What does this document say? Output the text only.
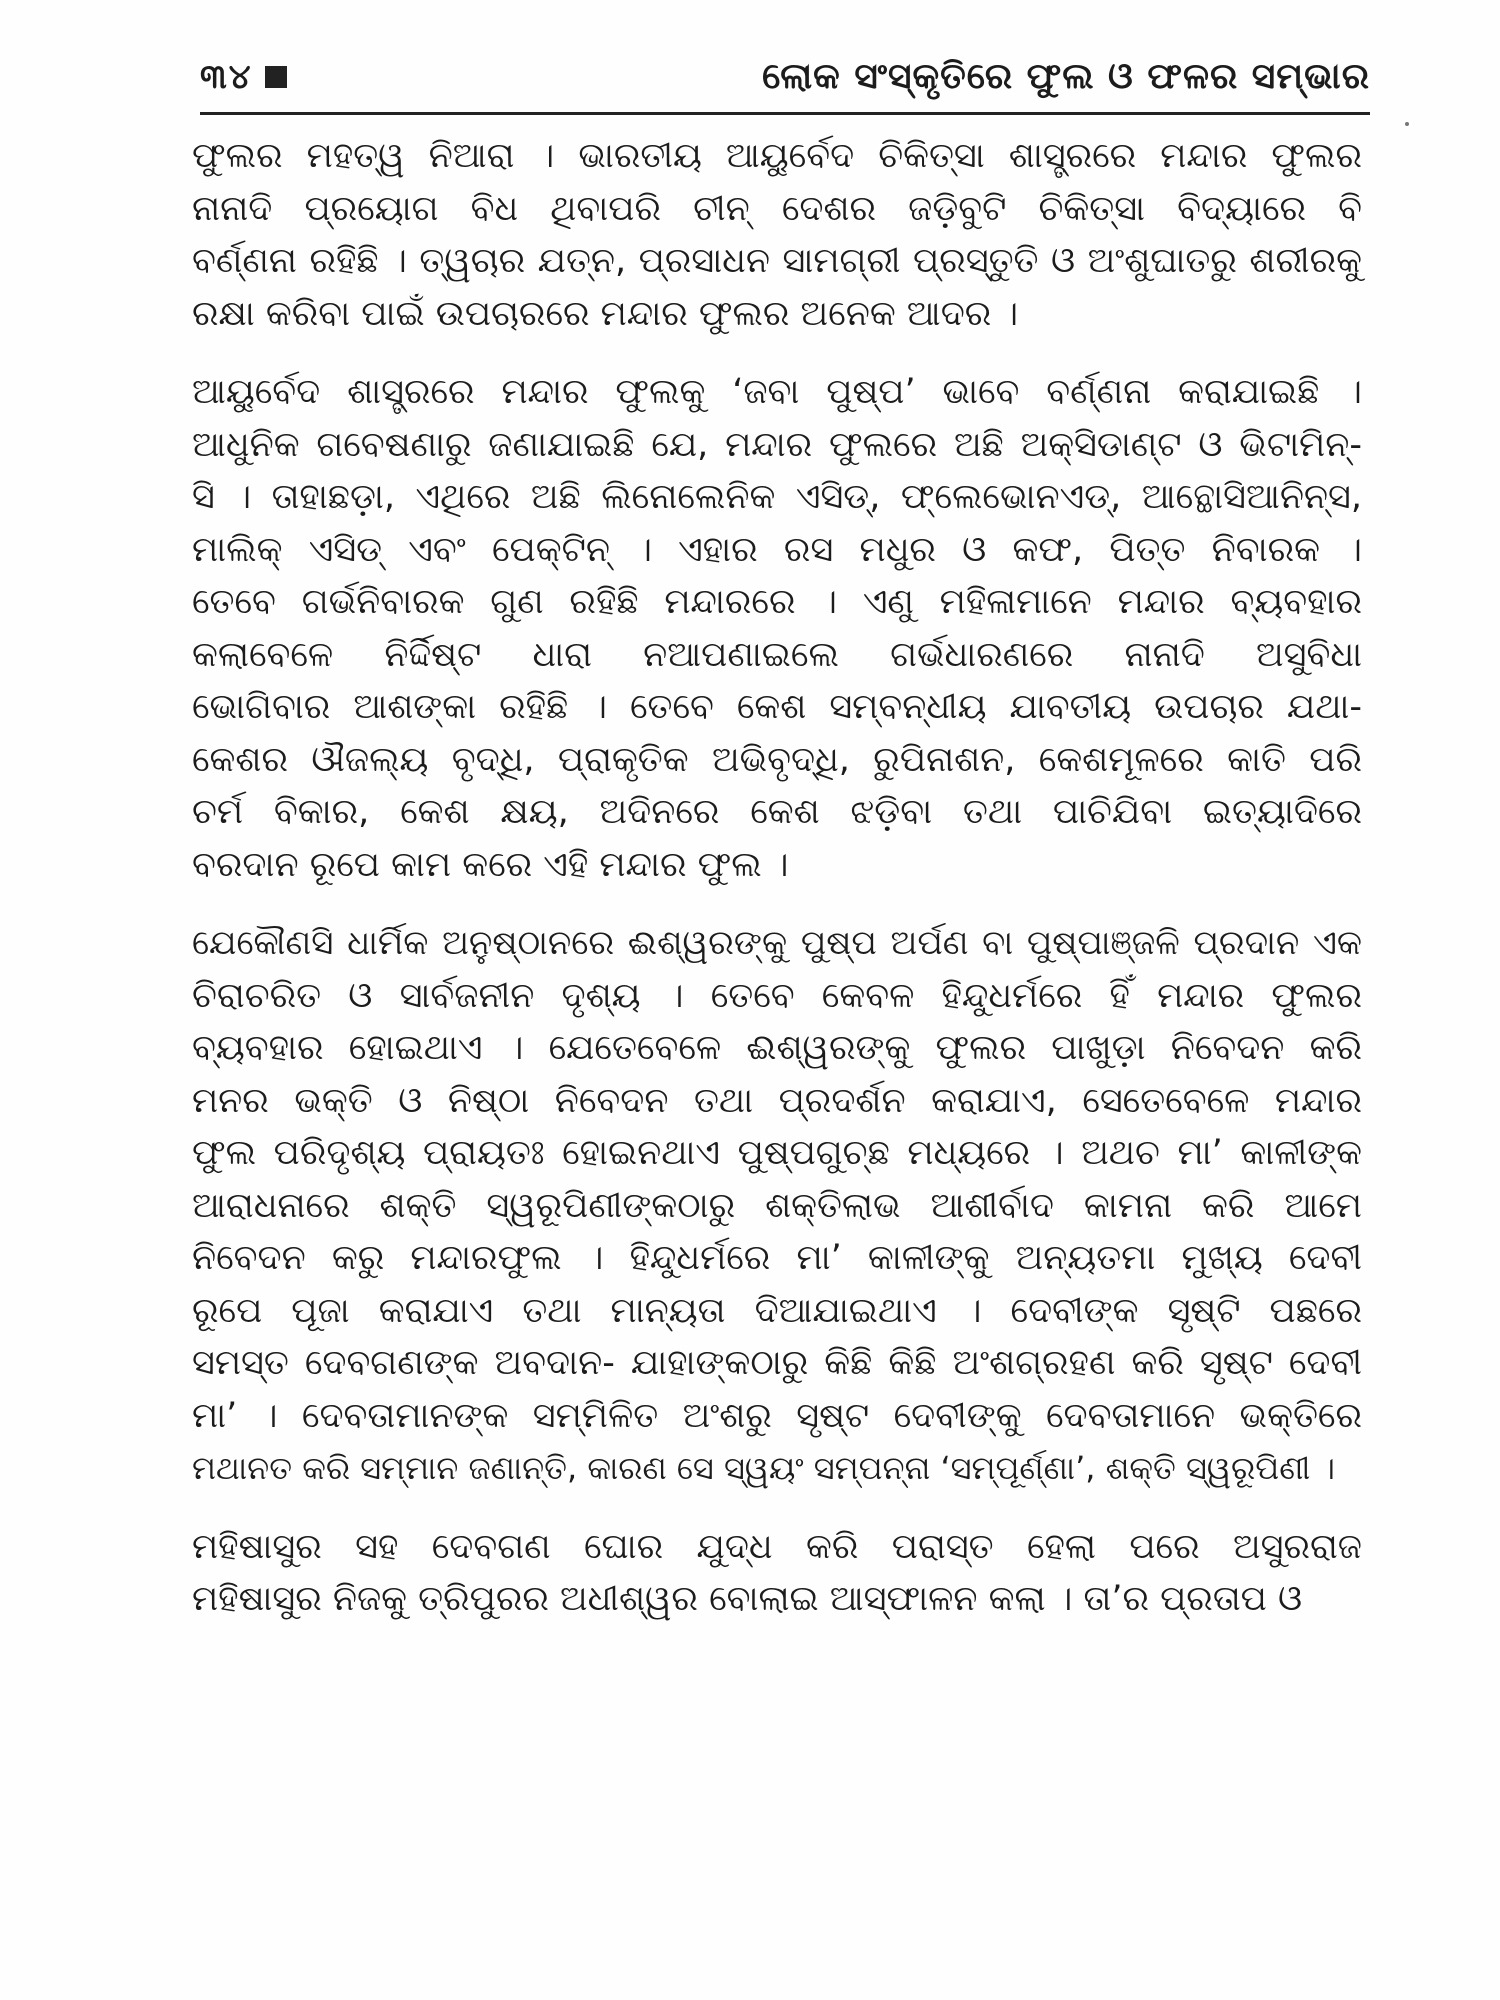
୩୪	ଲୋକ ସଂସ୍କୃତିରେ ଫୁଲ ଓ ଫଳର ସମ୍ଭାର
ଫୁଲର ମହତ୍ୱ ନିଆରା । ଭାରତୀୟ ଆୟୁର୍ବେଦ ଚିକିତ୍ସା ଶାସ୍ତ୍ରରେ ମନ୍ଦାର ଫୁଲର
ନାନାଦି ପ୍ରୟୋଗ ବିଧ ଥିବାପରି ଚୀନ୍ ଦେଶର ଜଡ଼ିବୁଟି ଚିକିତ୍ସା ବିଦ୍ୟାରେ ବି
ବର୍ଣ୍ଣନା ରହିଛି । ତ୍ୱଚାର ଯତ୍ନ, ପ୍ରସାଧନ ସାମଗ୍ରୀ ପ୍ରସ୍ତୁତି ଓ ଅଂଶୁଘାତରୁ ଶରୀରକୁ
ରକ୍ଷା କରିବା ପାଇଁ ଉପଚାରରେ ମନ୍ଦାର ଫୁଲର ଅନେକ ଆଦର ।
ଆୟୁର୍ବେଦ ଶାସ୍ତ୍ରରେ ମନ୍ଦାର ଫୁଲକୁ ‘ଜବା ପୁଷ୍ପ’ ଭାବେ ବର୍ଣ୍ଣନା କରାଯାଇଛି ।
ଆଧୁନିକ ଗବେଷଣାରୁ ଜଣାଯାଇଛି ଯେ, ମନ୍ଦାର ଫୁଲରେ ଅଛି ଅକ୍ସିଡାଣ୍ଟ ଓ ଭିଟାମିନ୍-
ସି । ତାହାଛଡ଼ା, ଏଥିରେ ଅଛି ଲିନୋଲେନିକ ଏସିଡ୍, ଫ୍ଲେଭୋନଏଡ୍, ଆନ୍ଥୋସିଆନିନ୍ସ,
ମାଲିକ୍ ଏସିଡ୍ ଏବଂ ପେକ୍ଟିନ୍ । ଏହାର ରସ ମଧୁର ଓ କଫ, ପିତ୍ତ ନିବାରକ ।
ତେବେ ଗର୍ଭନିବାରକ ଗୁଣ ରହିଛି ମନ୍ଦାରରେ । ଏଣୁ ମହିଳାମାନେ ମନ୍ଦାର ବ୍ୟବହାର
କଲାବେଳେ ନିର୍ଦ୍ଦିଷ୍ଟ ଧାରା ନଆପଣାଇଲେ ଗର୍ଭଧାରଣରେ ନାନାଦି ଅସୁବିଧା
ଭୋଗିବାର ଆଶଙ୍କା ରହିଛି । ତେବେ କେଶ ସମ୍ବନ୍ଧୀୟ ଯାବତୀୟ ଉପଚାର ଯଥା-
କେଶର ଔଜଲ୍ୟ ବୃଦ୍ଧି, ପ୍ରାକୃତିକ ଅଭିବୃଦ୍ଧି, ରୁପିନାଶନ, କେଶମୂଳରେ କାତି ପରି
ଚର୍ମ ବିକାର, କେଶ କ୍ଷୟ, ଅଦିନରେ କେଶ ଝଡ଼ିବା ତଥା ପାଚିଯିବା ଇତ୍ୟାଦିରେ
ବରଦାନ ରୂପେ କାମ କରେ ଏହି ମନ୍ଦାର ଫୁଲ ।
ଯେକୌଣସି ଧାର୍ମିକ ଅନୁଷ୍ଠାନରେ ଈଶ୍ୱରଙ୍କୁ ପୁଷ୍ପ ଅର୍ପଣ ବା ପୁଷ୍ପାଞ୍ଜଳି ପ୍ରଦାନ ଏକ
ଚିରାଚରିତ ଓ ସାର୍ବଜନୀନ ଦୃଶ୍ୟ । ତେବେ କେବଳ ହିନ୍ଦୁଧର୍ମରେ ହିଁ ମନ୍ଦାର ଫୁଲର
ବ୍ୟବହାର ହୋଇଥାଏ । ଯେତେବେଳେ ଈଶ୍ୱରଙ୍କୁ ଫୁଲର ପାଖୁଡ଼ା ନିବେଦନ କରି
ମନର ଭକ୍ତି ଓ ନିଷ୍ଠା ନିବେଦନ ତଥା ପ୍ରଦର୍ଶନ କରାଯାଏ, ସେତେବେଳେ ମନ୍ଦାର
ଫୁଲ ପରିଦୃଶ୍ୟ ପ୍ରାୟତଃ ହୋଇନଥାଏ ପୁଷ୍ପଗୁଚ୍ଛ ମଧ୍ୟରେ । ଅଥଚ ମା’ କାଳୀଙ୍କ
ଆରାଧନାରେ ଶକ୍ତି ସ୍ୱରୂପିଣୀଙ୍କଠାରୁ ଶକ୍ତିଲାଭ ଆଶୀର୍ବାଦ କାମନା କରି ଆମେ
ନିବେଦନ କରୁ ମନ୍ଦାରଫୁଲ । ହିନ୍ଦୁଧର୍ମରେ ମା’ କାଳୀଙ୍କୁ ଅନ୍ୟତମା ମୁଖ୍ୟ ଦେବୀ
ରୂପେ ପୂଜା କରାଯାଏ ତଥା ମାନ୍ୟତା ଦିଆଯାଇଥାଏ । ଦେବୀଙ୍କ ସୃଷ୍ଟି ପଛରେ
ସମସ୍ତ ଦେବଗଣଙ୍କ ଅବଦାନ- ଯାହାଙ୍କଠାରୁ କିଛି କିଛି ଅଂଶଗ୍ରହଣ କରି ସୃଷ୍ଟ ଦେବୀ
ମା’ । ଦେବତାମାନଙ୍କ ସମ୍ମିଳିତ ଅଂଶରୁ ସୃଷ୍ଟ ଦେବୀଙ୍କୁ ଦେବତାମାନେ ଭକ୍ତିରେ
ମଥାନତ କରି ସମ୍ମାନ ଜଣାନ୍ତି, କାରଣ ସେ ସ୍ୱୟଂ ସମ୍ପନ୍ନା ‘ସମ୍ପୂର୍ଣ୍ଣା’, ଶକ୍ତି ସ୍ୱରୂପିଣୀ ।
ମହିଷାସୁର ସହ ଦେବଗଣ ଘୋର ଯୁଦ୍ଧ କରି ପରାସ୍ତ ହେଲା ପରେ ଅସୁରରାଜ
ମହିଷାସୁର ନିଜକୁ ତ୍ରିପୁରର ଅଧୀଶ୍ୱର ବୋଲାଇ ଆସ୍ଫାଳନ କଲା । ତା’ର ପ୍ରତାପ ଓ
